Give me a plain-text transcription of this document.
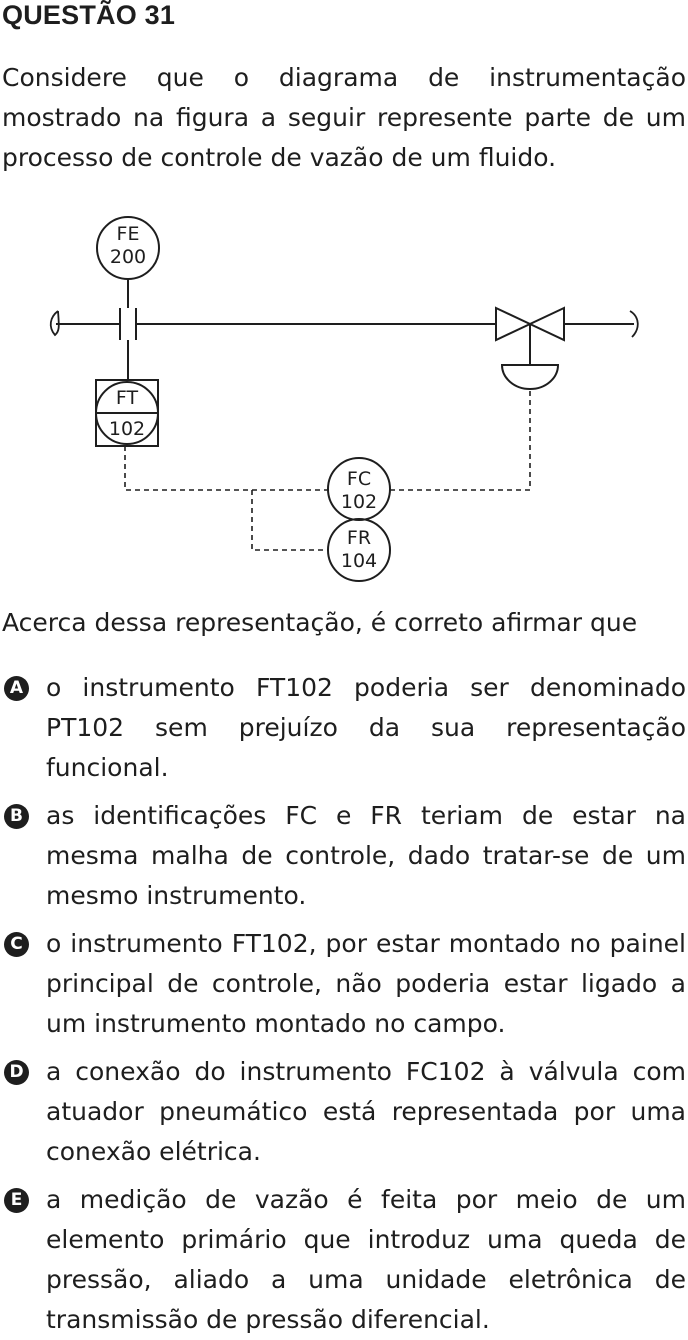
QUESTÃO 31
Considere que o diagrama de instrumentação mostrado na figura a seguir represente parte de um processo de controle de vazão de um fluido.
FE
200
FT
102
FC
102
FR
104
Acerca dessa representação, é correto afirmar que
A o instrumento FT102 poderia ser denominado PT102 sem prejuízo da sua representação funcional.
B as identificações FC e FR teriam de estar na mesma malha de controle, dado tratar-se de um mesmo instrumento.
C o instrumento FT102, por estar montado no painel principal de controle, não poderia estar ligado a um instrumento montado no campo.
D a conexão do instrumento FC102 à válvula com atuador pneumático está representada por uma conexão elétrica.
E a medição de vazão é feita por meio de um elemento primário que introduz uma queda de pressão, aliado a uma unidade eletrônica de transmissão de pressão diferencial.
